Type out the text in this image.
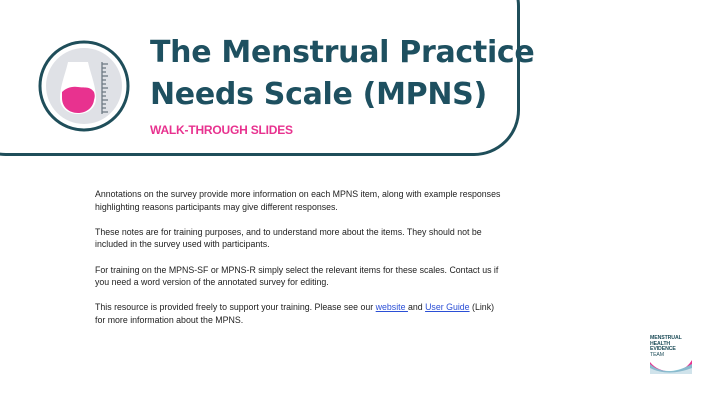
The Menstrual Practice
Needs Scale (MPNS)
WALK-THROUGH SLIDES

Annotations on the survey provide more information on each MPNS item, along with example responses highlighting reasons participants may give different responses.

These notes are for training purposes, and to understand more about the items. They should not be included in the survey used with participants.

For training on the MPNS-SF or MPNS-R simply select the relevant items for these scales. Contact us if you need a word version of the annotated survey for editing.

This resource is provided freely to support your training. Please see our website and User Guide (Link) for more information about the MPNS.

MENSTRUAL
HEALTH
EVIDENCE
TEAM
